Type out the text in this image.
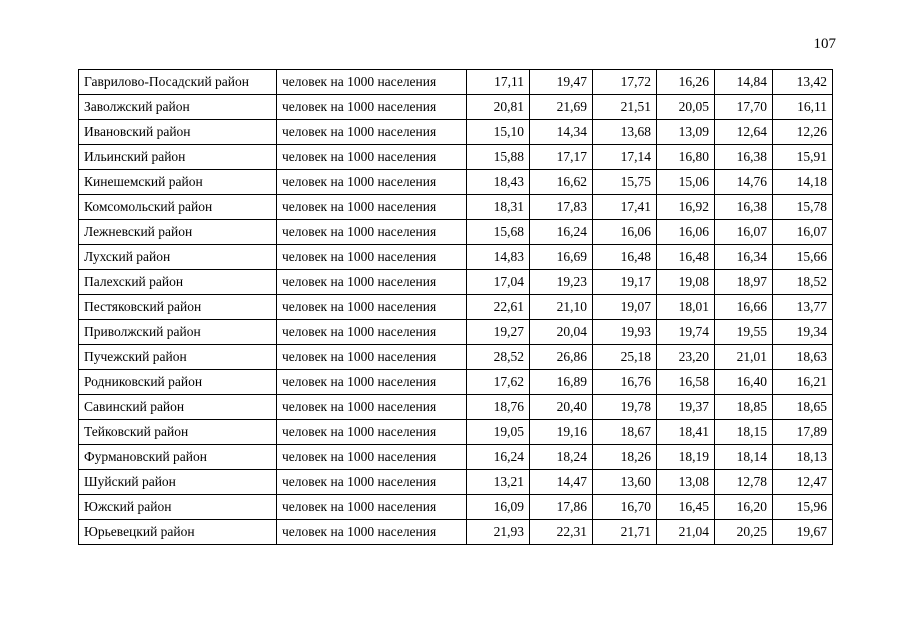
107
Гаврилово-Посадский район	человек на 1000 населения	17,11	19,47	17,72	16,26	14,84	13,42
Заволжский район	человек на 1000 населения	20,81	21,69	21,51	20,05	17,70	16,11
Ивановский район	человек на 1000 населения	15,10	14,34	13,68	13,09	12,64	12,26
Ильинский район	человек на 1000 населения	15,88	17,17	17,14	16,80	16,38	15,91
Кинешемский район	человек на 1000 населения	18,43	16,62	15,75	15,06	14,76	14,18
Комсомольский район	человек на 1000 населения	18,31	17,83	17,41	16,92	16,38	15,78
Лежневский район	человек на 1000 населения	15,68	16,24	16,06	16,06	16,07	16,07
Лухский район	человек на 1000 населения	14,83	16,69	16,48	16,48	16,34	15,66
Палехский район	человек на 1000 населения	17,04	19,23	19,17	19,08	18,97	18,52
Пестяковский район	человек на 1000 населения	22,61	21,10	19,07	18,01	16,66	13,77
Приволжский район	человек на 1000 населения	19,27	20,04	19,93	19,74	19,55	19,34
Пучежский район	человек на 1000 населения	28,52	26,86	25,18	23,20	21,01	18,63
Родниковский район	человек на 1000 населения	17,62	16,89	16,76	16,58	16,40	16,21
Савинский район	человек на 1000 населения	18,76	20,40	19,78	19,37	18,85	18,65
Тейковский район	человек на 1000 населения	19,05	19,16	18,67	18,41	18,15	17,89
Фурмановский район	человек на 1000 населения	16,24	18,24	18,26	18,19	18,14	18,13
Шуйский район	человек на 1000 населения	13,21	14,47	13,60	13,08	12,78	12,47
Южский район	человек на 1000 населения	16,09	17,86	16,70	16,45	16,20	15,96
Юрьевецкий район	человек на 1000 населения	21,93	22,31	21,71	21,04	20,25	19,67
